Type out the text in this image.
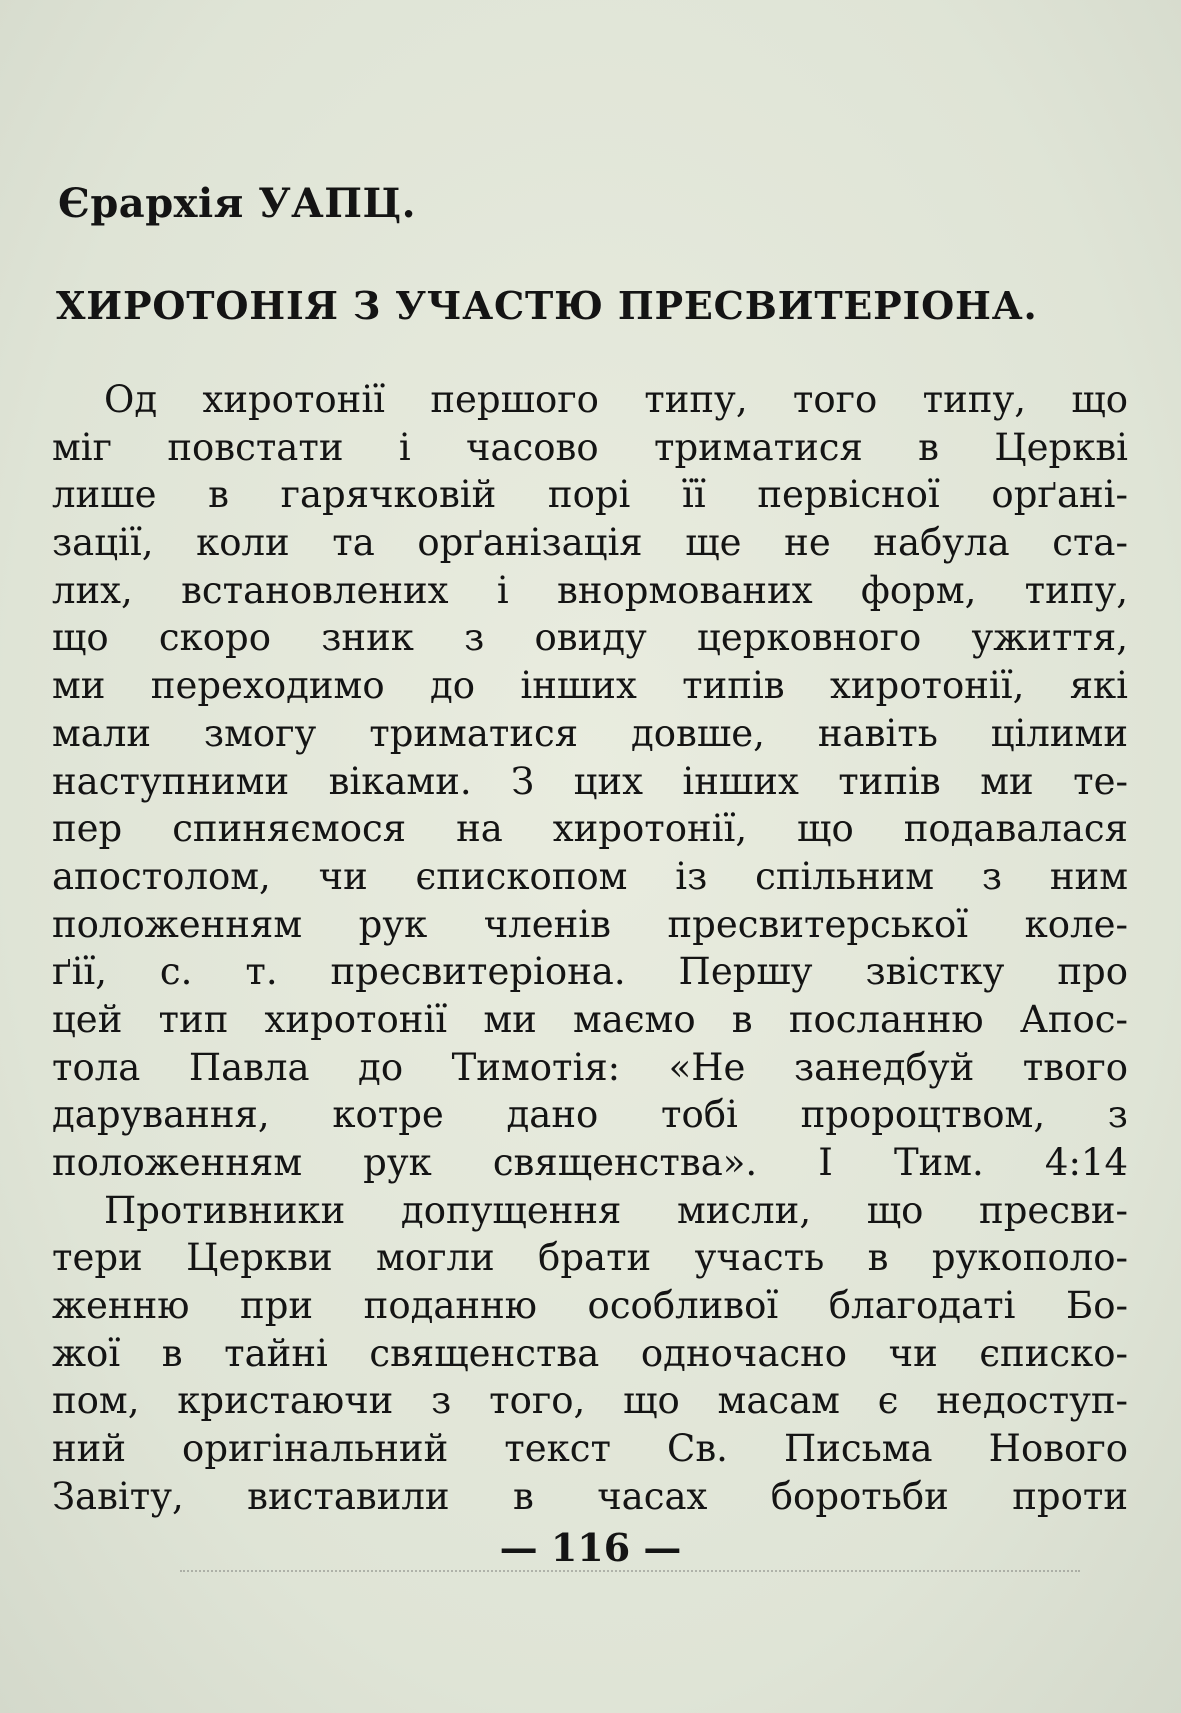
Єрархія УАПЦ.
ХИРОТОНІЯ З УЧАСТЮ ПРЕСВИТЕРІОНА.
Од хиротонії першого типу, того типу, що
міг повстати і часово триматися в Церкві
лише в гарячковій порі її первісної орґані-
зації, коли та орґанізація ще не набула ста-
лих, встановлених і внормованих форм, типу,
що скоро зник з овиду церковного ужиття,
ми переходимо до інших типів хиротонії, які
мали змогу триматися довше, навіть цілими
наступними віками. З цих інших типів ми те-
пер спиняємося на хиротонії, що подавалася
апостолом, чи єпископом із спільним з ним
положенням рук членів пресвитерської коле-
ґії, с. т. пресвитеріона. Першу звістку про
цей тип хиротонії ми маємо в посланню Апос-
тола Павла до Тимотія: «Не занедбуй твого
дарування, котре дано тобі пророцтвом, з
положенням рук священства». І Тим. 4:14
Противники допущення мисли, що пресви-
тери Церкви могли брати участь в рукополо-
женню при поданню особливої благодаті Бо-
жої в тайні священства одночасно чи єписко-
пом, кристаючи з того, що масам є недоступ-
ний оригінальний текст Св. Письма Нового
Завіту, виставили в часах боротьби проти
— 116 —
